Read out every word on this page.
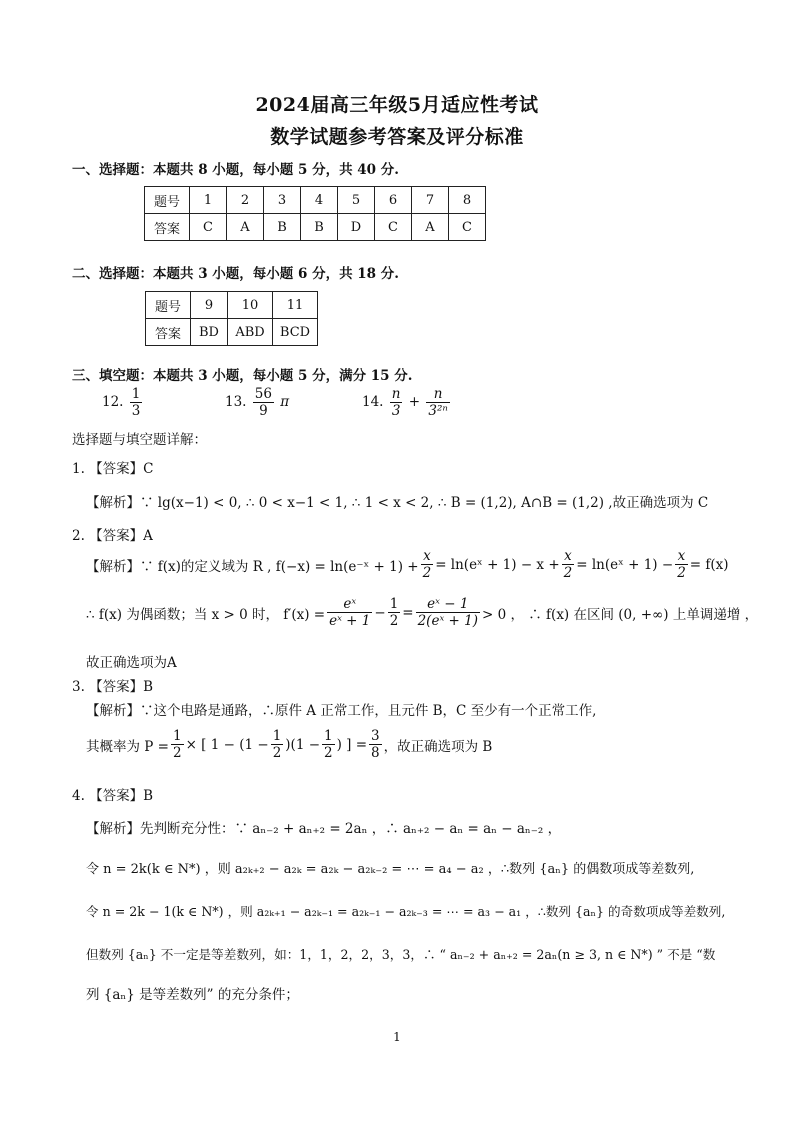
2024届高三年级5月适应性考试
数学试题参考答案及评分标准
一、选择题：本题共 8 小题，每小题 5 分，共 40 分.
题号	1	2	3	4	5	6	7	8
答案	C	A	B	B	D	C	A	C
二、选择题：本题共 3 小题，每小题 6 分，共 18 分.
题号	9	10	11
答案	BD	ABD	BCD
三、填空题：本题共 3 小题，每小题 5 分，满分 15 分.
12. $\frac{1}{3}$	13. $\frac{56}{9}$ π	14. $\frac{n}{3} + \frac{n}{\text{3²ⁿ}}$
选择题与填空题详解：
1. 【答案】C
【解析】∵ lg(x−1) < 0, ∴ 0 < x−1 < 1, ∴ 1 < x < 2, ∴ B = (1,2), A∩B = (1,2) ,故正确选项为 C
2. 【答案】A
【解析】∵ f(x)的定义域为 R , f(−x) = ln(e⁻ˣ + $1) + \frac{x}{2}$ = ln(eˣ + $1) - x + \frac{x}{2}$ = ln(eˣ + $1) - \frac{x}{2} = f(x)$
∴ f(x) 为偶函数；当 x > 0 时， $f'(x) = \frac{\text{eˣ}}{\text{eˣ + 1}} - \frac{1}{2} = \frac{\text{eˣ − 1}}{\text{2(eˣ + 1)}} > 0$ ， ∴ f(x) 在区间 (0, +∞) 上单调递增 ，
故正确选项为A
3. 【答案】B
【解析】∵这个电路是通路，∴原件 A 正常工作，且元件 B，C 至少有一个正常工作,
其概率为 $P = \frac{1}{2}$ × [ $1 - (1 - \frac{1}{2} )(1 - \frac{1}{2}$ ) ] = $\frac{3}{8}$ ，故正确选项为 B
4. 【答案】B
【解析】先判断充分性：∵ aₙ₋₂ + aₙ₊₂ = 2aₙ ，∴ aₙ₊₂ − aₙ = aₙ − aₙ₋₂ ，
令 n = 2k(k ∈ N*) ，则 a₂ₖ₊₂ − a₂ₖ = a₂ₖ − a₂ₖ₋₂ = ⋯ = a₄ − a₂ ，∴数列 {aₙ} 的偶数项成等差数列,
令 n = 2k − 1(k ∈ N*) ，则 a₂ₖ₊₁ − a₂ₖ₋₁ = a₂ₖ₋₁ − a₂ₖ₋₃ = ⋯ = a₃ − a₁ ，∴数列 {aₙ} 的奇数项成等差数列,
但数列 {aₙ} 不一定是等差数列，如：1，1，2，2，3，3，∴ “ aₙ₋₂ + aₙ₊₂ = 2aₙ(n ≥ 3, n ∈ N*) ” 不是 “数
列 {aₙ} 是等差数列” 的充分条件；
1
